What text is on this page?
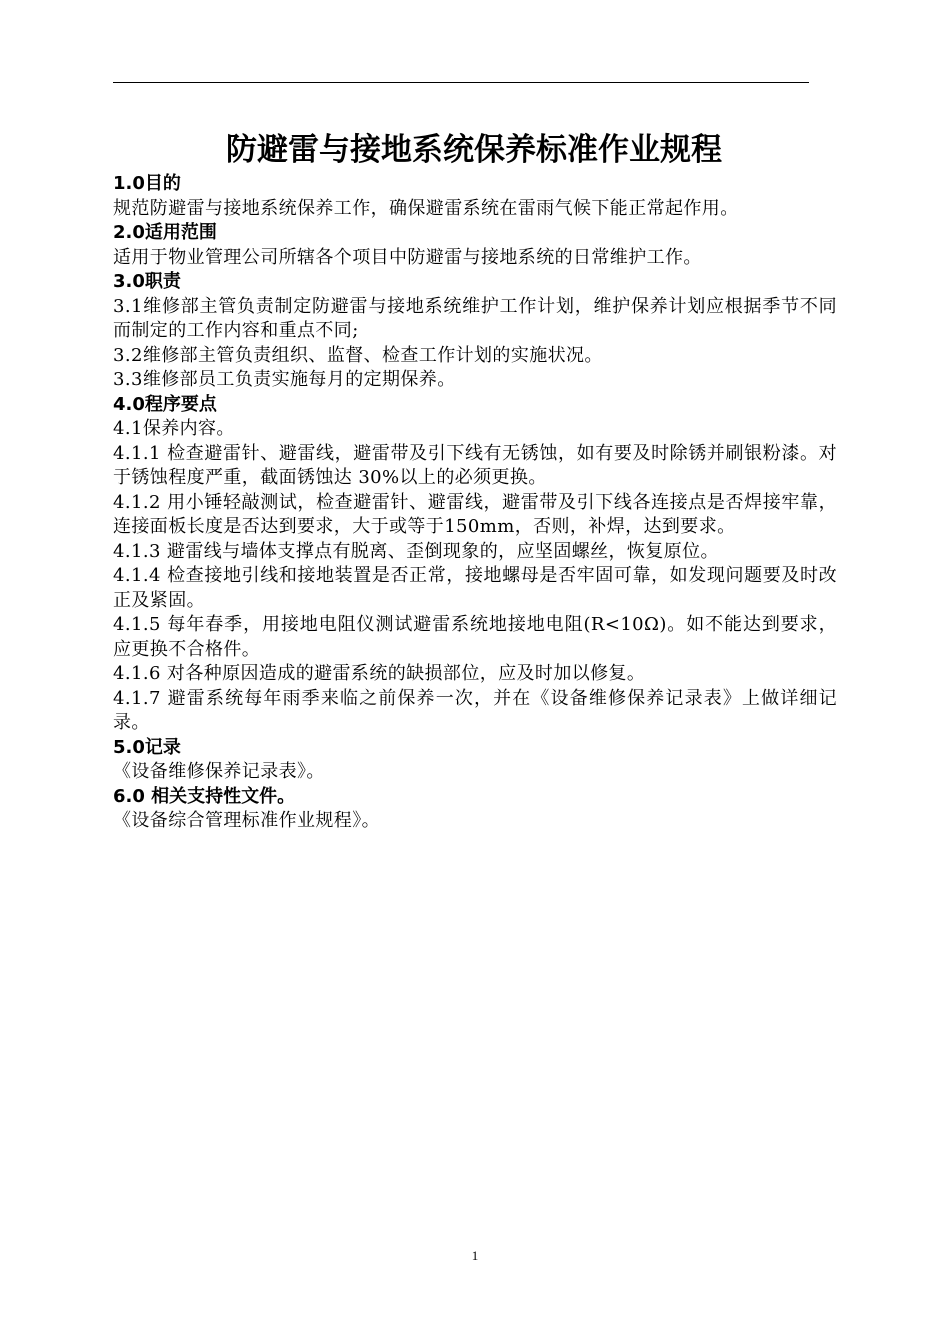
防避雷与接地系统保养标准作业规程

1.0目的

规范防避雷与接地系统保养工作，确保避雷系统在雷雨气候下能正常起作用。

2.0适用范围

适用于物业管理公司所辖各个项目中防避雷与接地系统的日常维护工作。

3.0职责

3.1维修部主管负责制定防避雷与接地系统维护工作计划，维护保养计划应根据季节不同而制定的工作内容和重点不同;

3.2维修部主管负责组织、监督、检查工作计划的实施状况。

3.3维修部员工负责实施每月的定期保养。

4.0程序要点

4.1保养内容。

4.1.1 检查避雷针、避雷线，避雷带及引下线有无锈蚀，如有要及时除锈并刷银粉漆。对于锈蚀程度严重，截面锈蚀达 30%以上的必须更换。

4.1.2 用小锤轻敲测试，检查避雷针、避雷线，避雷带及引下线各连接点是否焊接牢靠，连接面板长度是否达到要求，大于或等于150mm，否则，补焊，达到要求。

4.1.3 避雷线与墙体支撑点有脱离、歪倒现象的，应坚固螺丝，恢复原位。

4.1.4 检查接地引线和接地装置是否正常，接地螺母是否牢固可靠，如发现问题要及时改正及紧固。

4.1.5 每年春季，用接地电阻仪测试避雷系统地接地电阻(R<10Ω)。如不能达到要求，应更换不合格件。

4.1.6 对各种原因造成的避雷系统的缺损部位，应及时加以修复。

4.1.7 避雷系统每年雨季来临之前保养一次，并在《设备维修保养记录表》上做详细记录。

5.0记录

《设备维修保养记录表》。

6.0 相关支持性文件。

《设备综合管理标准作业规程》。

1
